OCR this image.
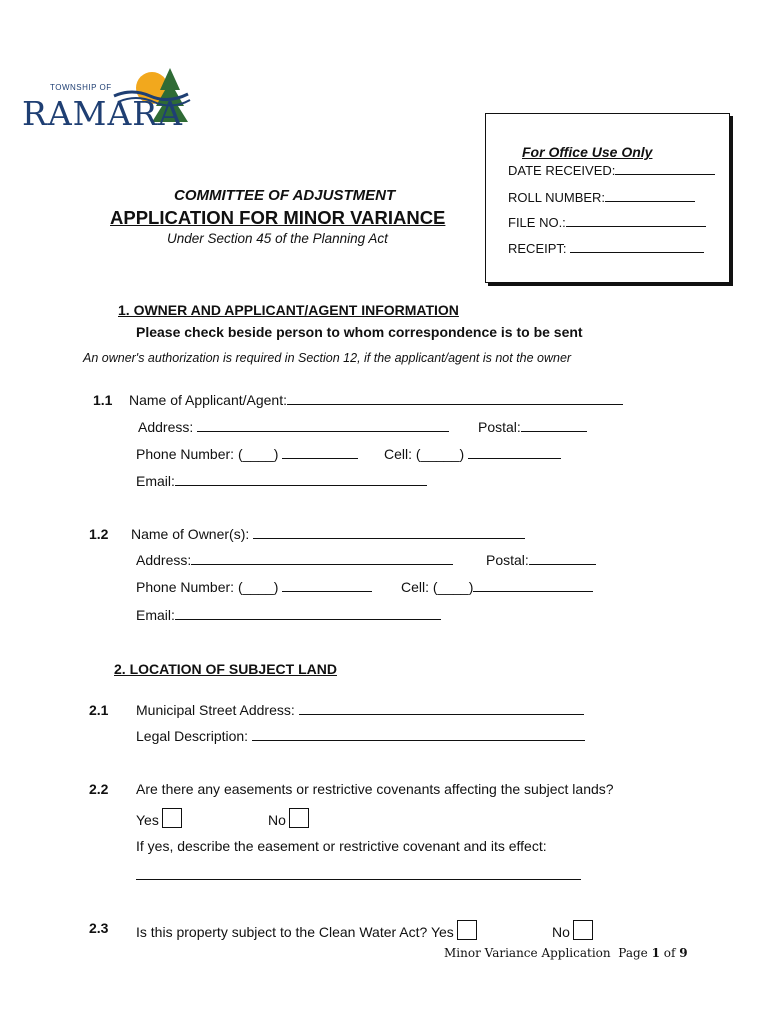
TOWNSHIP OF
RAMARA
For Office Use Only
DATE RECEIVED:
ROLL NUMBER:
FILE NO.:
RECEIPT:
COMMITTEE OF ADJUSTMENT
APPLICATION FOR MINOR VARIANCE
Under Section 45 of the Planning Act
1. OWNER AND APPLICANT/AGENT INFORMATION
Please check beside person to whom correspondence is to be sent
An owner's authorization is required in Section 12, if the applicant/agent is not the owner
1.1 Name of Applicant/Agent:
Address:	Postal:
Phone Number: (____)	Cell: (_____)
Email:
1.2 Name of Owner(s):
Address:	Postal:
Phone Number: (____)	Cell: (____)
Email:
2. LOCATION OF SUBJECT LAND
2.1 Municipal Street Address:
Legal Description:
2.2 Are there any easements or restrictive covenants affecting the subject lands?
Yes	No
If yes, describe the easement or restrictive covenant and its effect:
2.3 Is this property subject to the Clean Water Act? Yes	No
Minor Variance Application Page 1 of 9
